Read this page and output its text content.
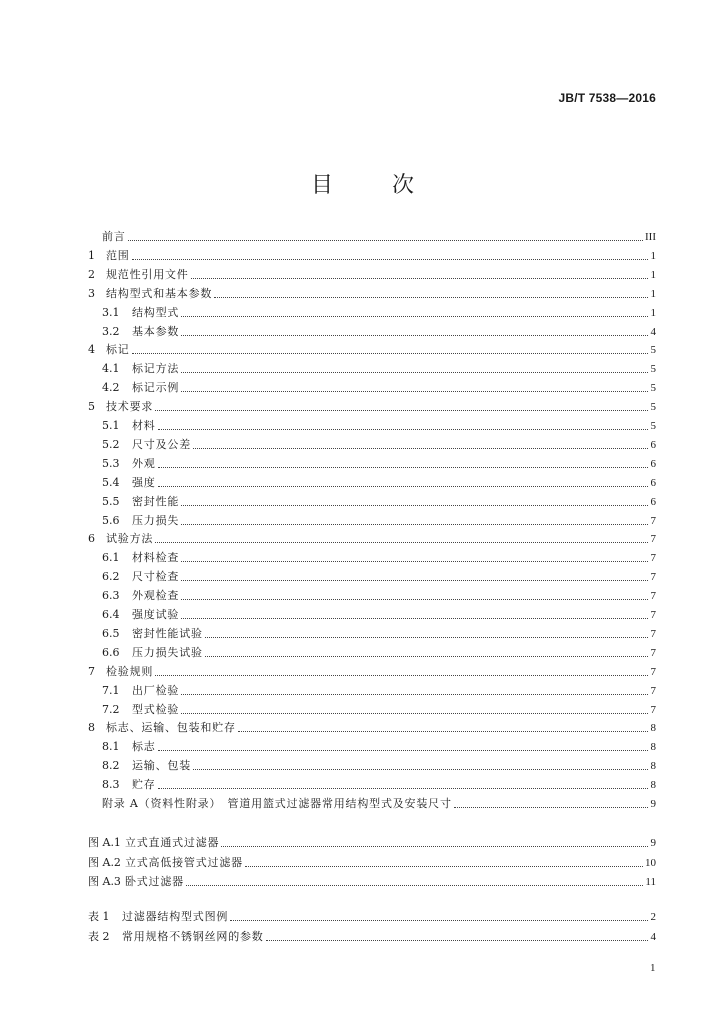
JB/T 7538—2016
目 次
前言	III
1	范围	1
2	规范性引用文件	1
3	结构型式和基本参数	1
3.1	结构型式	1
3.2	基本参数	4
4	标记	5
4.1	标记方法	5
4.2	标记示例	5
5	技术要求	5
5.1	材料	5
5.2	尺寸及公差	6
5.3	外观	6
5.4	强度	6
5.5	密封性能	6
5.6	压力损失	7
6	试验方法	7
6.1	材料检查	7
6.2	尺寸检查	7
6.3	外观检查	7
6.4	强度试验	7
6.5	密封性能试验	7
6.6	压力损失试验	7
7	检验规则	7
7.1	出厂检验	7
7.2	型式检验	7
8	标志、运输、包装和贮存	8
8.1	标志	8
8.2	运输、包装	8
8.3	贮存	8
附录 A（资料性附录）　管道用篮式过滤器常用结构型式及安装尺寸	9
图 A.1 立式直通式过滤器	9
图 A.2 立式高低接管式过滤器	10
图 A.3 卧式过滤器	11
表 1	过滤器结构型式图例	2
表 2	常用规格不锈钢丝网的参数	4
1
